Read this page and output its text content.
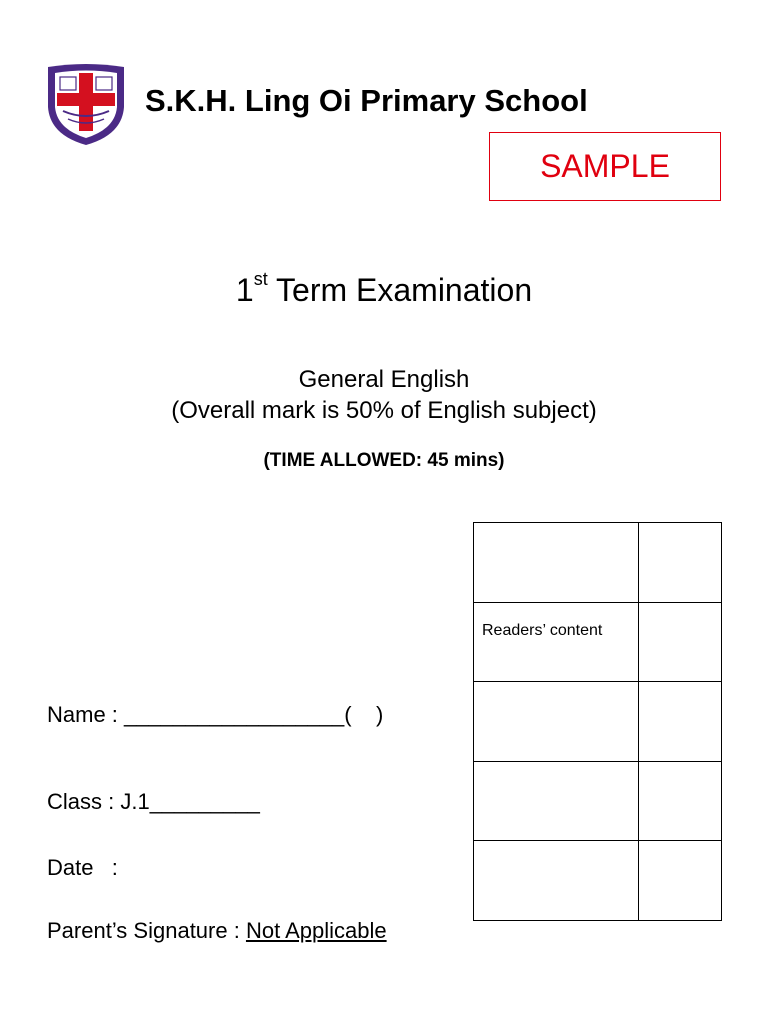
S.K.H. Ling Oi Primary School
SAMPLE
1st Term Examination
General English
(Overall mark is 50% of English subject)
(TIME ALLOWED: 45 mins)
Name : __________________(    )
Class : J.1_________
Date   :
Parent’s Signature : Not Applicable

Readers’ content	
